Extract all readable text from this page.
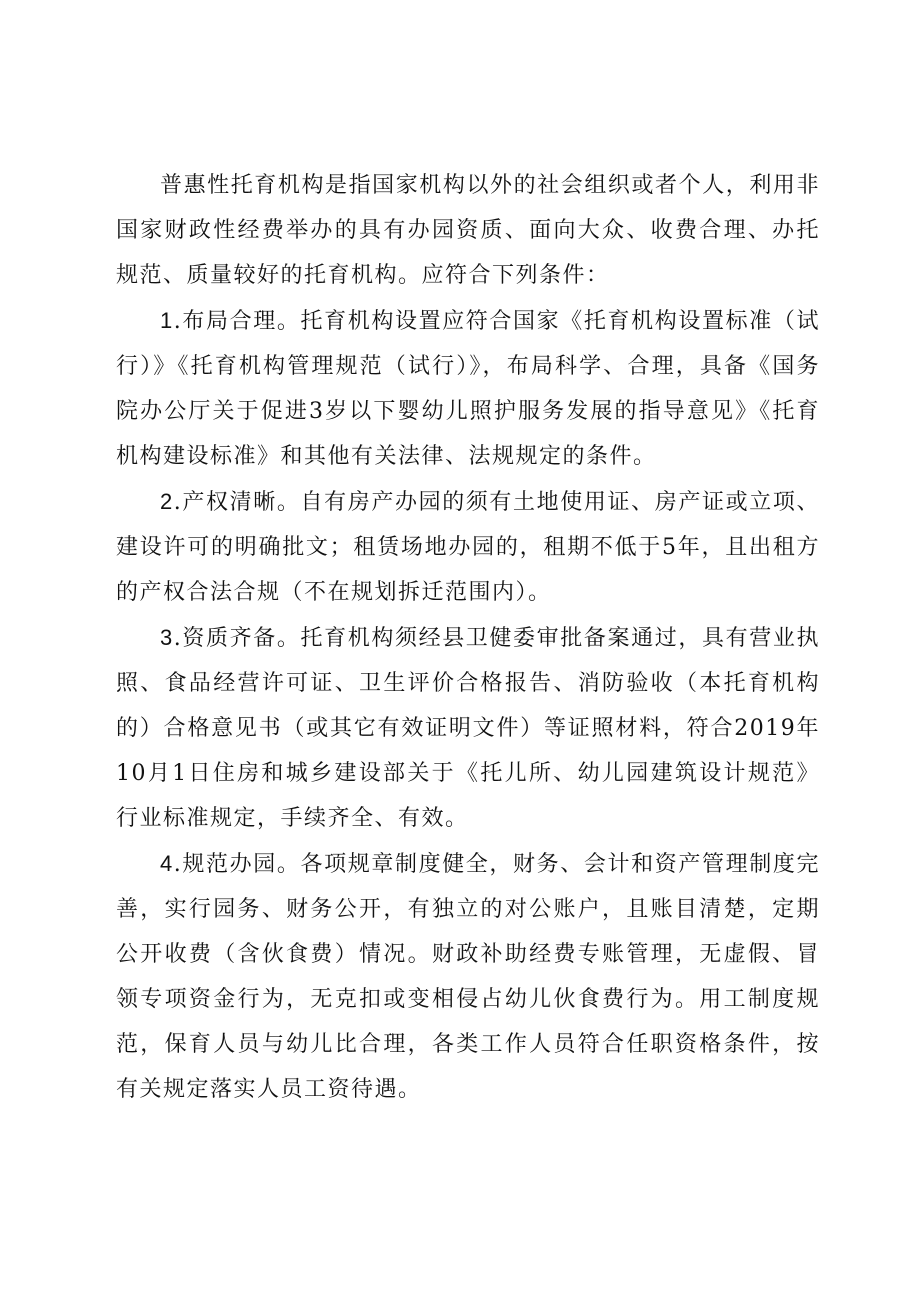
普惠性托育机构是指国家机构以外的社会组织或者个人，利用非国家财政性经费举办的具有办园资质、面向大众、收费合理、办托规范、质量较好的托育机构。应符合下列条件：

1.布局合理。托育机构设置应符合国家《托育机构设置标准（试行）》《托育机构管理规范（试行）》，布局科学、合理，具备《国务院办公厅关于促进3岁以下婴幼儿照护服务发展的指导意见》《托育机构建设标准》和其他有关法律、法规规定的条件。

2.产权清晰。自有房产办园的须有土地使用证、房产证或立项、建设许可的明确批文；租赁场地办园的，租期不低于5年，且出租方的产权合法合规（不在规划拆迁范围内）。

3.资质齐备。托育机构须经县卫健委审批备案通过，具有营业执照、食品经营许可证、卫生评价合格报告、消防验收（本托育机构的）合格意见书（或其它有效证明文件）等证照材料，符合2019年10月1日住房和城乡建设部关于《托儿所、幼儿园建筑设计规范》行业标准规定，手续齐全、有效。

4.规范办园。各项规章制度健全，财务、会计和资产管理制度完善，实行园务、财务公开，有独立的对公账户，且账目清楚，定期公开收费（含伙食费）情况。财政补助经费专账管理，无虚假、冒领专项资金行为，无克扣或变相侵占幼儿伙食费行为。用工制度规范，保育人员与幼儿比合理，各类工作人员符合任职资格条件，按有关规定落实人员工资待遇。
